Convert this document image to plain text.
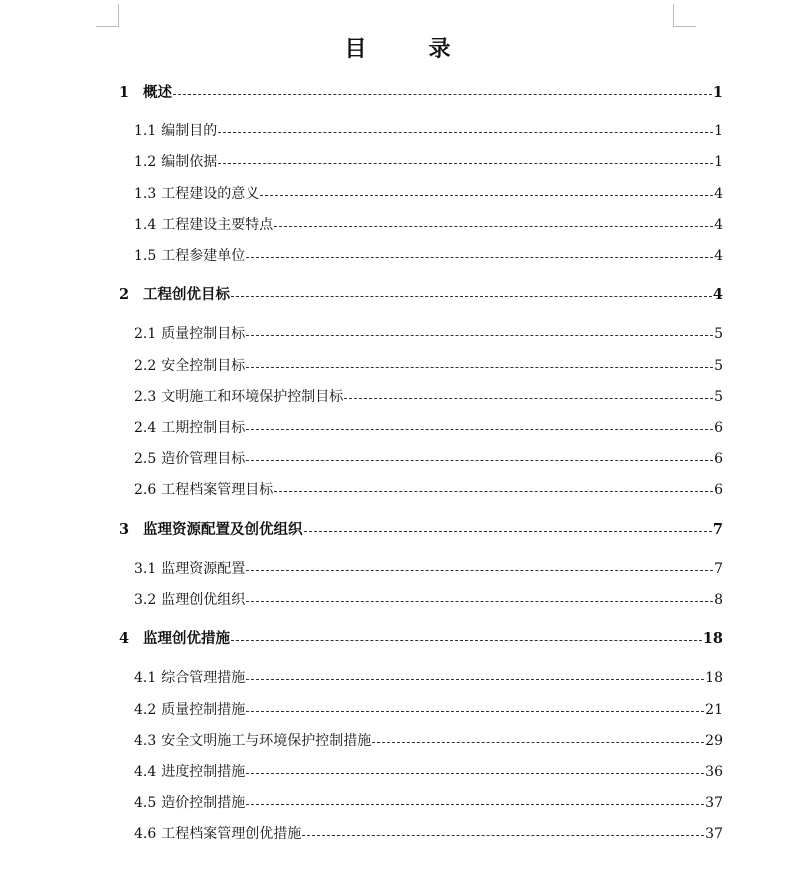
目　录
1 概述	1
1.1 编制目的	1
1.2 编制依据	1
1.3 工程建设的意义	4
1.4 工程建设主要特点	4
1.5 工程参建单位	4
2 工程创优目标	4
2.1 质量控制目标	5
2.2 安全控制目标	5
2.3 文明施工和环境保护控制目标	5
2.4 工期控制目标	6
2.5 造价管理目标	6
2.6 工程档案管理目标	6
3 监理资源配置及创优组织	7
3.1 监理资源配置	7
3.2 监理创优组织	8
4 监理创优措施	18
4.1 综合管理措施	18
4.2 质量控制措施	21
4.3 安全文明施工与环境保护控制措施	29
4.4 进度控制措施	36
4.5 造价控制措施	37
4.6 工程档案管理创优措施	37
